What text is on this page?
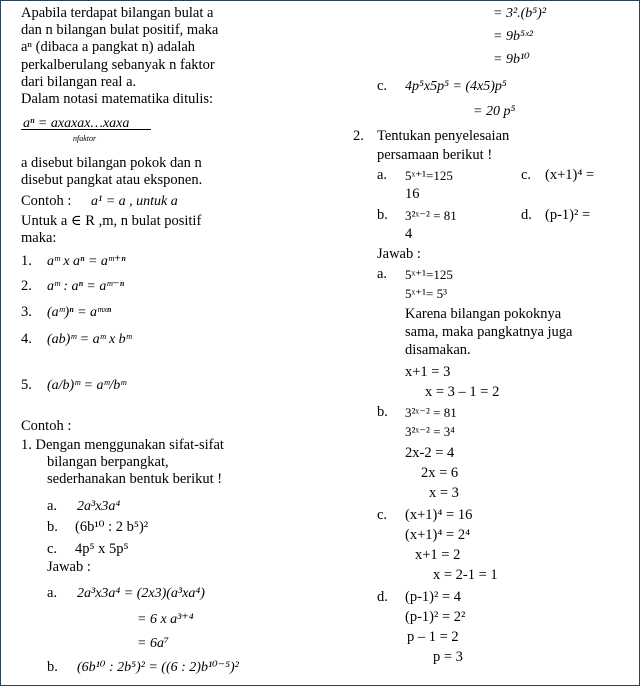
Apabila terdapat bilangan bulat a
dan n bilangan bulat positif, maka
aⁿ (dibaca a pangkat n) adalah
perkalberulang sebanyak n faktor
dari bilangan real a.
Dalam notasi matematika ditulis:
aⁿ = axaxax…xaxa
nfaktor
a disebut bilangan pokok dan n
disebut pangkat atau eksponen.
Contoh : a¹ = a , untuk a
Untuk a ∈ R ,m, n bulat positif
maka:
1. aᵐ x aⁿ = aᵐ⁺ⁿ
2. aᵐ : aⁿ = aᵐ⁻ⁿ
3. (aᵐ)ⁿ = aᵐˣⁿ
4. (ab)ᵐ = aᵐ x bᵐ
5. (a/b)ᵐ = aᵐ/bᵐ
Contoh :
1. Dengan menggunakan sifat-sifat
bilangan berpangkat,
sederhanakan bentuk berikut !
a. 2a³x3a⁴
b. (6b¹⁰ : 2 b⁵)²
c. 4p⁵ x 5p⁵
Jawab :
a. 2a³x3a⁴ = (2x3)(a³xa⁴)
= 6 x a³⁺⁴
= 6a⁷
b. (6b¹⁰ : 2b⁵)² = ((6 : 2)b¹⁰⁻⁵)²
= 3².(b⁵)²
= 9b⁵ˣ²
= 9b¹⁰
c. 4p⁵x5p⁵ = (4x5)p⁵
= 20 p⁵
2. Tentukan penyelesaian
persamaan berikut !
a. 5ˣ⁺¹=125	c. (x+1)⁴ =
16
b. 3²ˣ⁻² = 81	d. (p-1)² =
4
Jawab :
a. 5ˣ⁺¹=125
5ˣ⁺¹= 5³
Karena bilangan pokoknya
sama, maka pangkatnya juga
disamakan.
x+1 = 3
x = 3 – 1 = 2
b. 3²ˣ⁻² = 81
3²ˣ⁻² = 3⁴
2x-2 = 4
2x = 6
x = 3
c. (x+1)⁴ = 16
(x+1)⁴ = 2⁴
x+1 = 2
x = 2-1 = 1
d. (p-1)² = 4
(p-1)² = 2²
p – 1 = 2
p = 3
